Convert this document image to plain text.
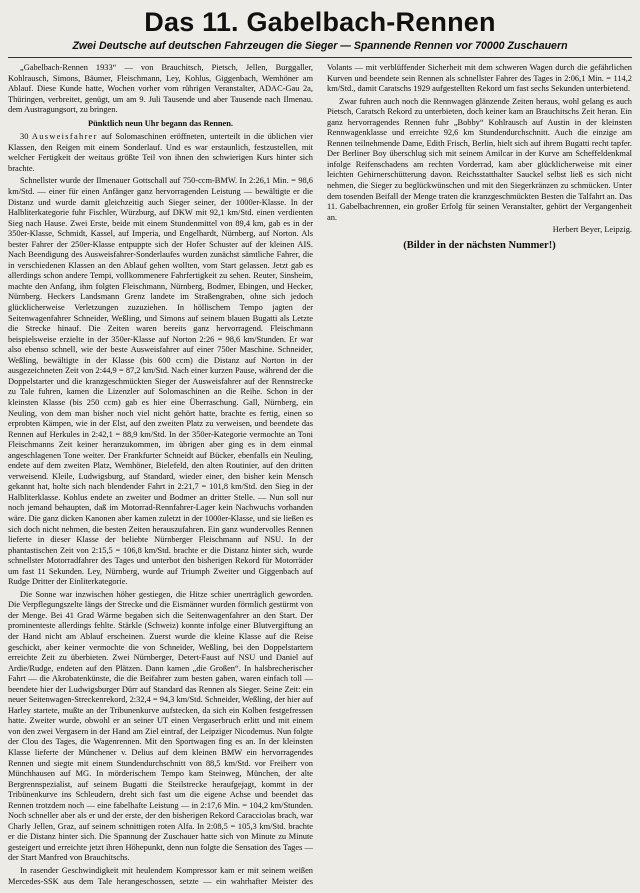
Das 11. Gabelbach-Rennen
Zwei Deutsche auf deutschen Fahrzeugen die Sieger — Spannende Rennen vor 70000 Zuschauern

„Gabelbach-Rennen 1933“ — von Brauchitsch, Pietsch, Jellen, Burggaller, Kohlrausch, Simons, Bäumer, Fleischmann, Ley, Kohlus, Giggenbach, Wemhöner am Ablauf. Diese Kunde hatte, Wochen vorher vom rührigen Veranstalter, ADAC-Gau 2a, Thüringen, verbreitet, genügt, um am 9. Juli Tausende und aber Tausende nach Ilmenau. dem Austragungsort, zu bringen.

Pünktlich neun Uhr begann das Rennen.

30 Ausweisfahrer auf Solomaschinen eröffneten, unterteilt in die üblichen vier Klassen, den Reigen mit einem Sonderlauf. Und es war erstaunlich, festzustellen, mit welcher Fertigkeit der weitaus größte Teil von ihnen den schwierigen Kurs hinter sich brachte.

Schnellster wurde der Ilmenauer Gottschall auf 750-ccm-BMW. In 2:26,1 Min. = 98,6 km/Std. — einer für einen Anfänger ganz hervorragenden Leistung — bewältigte er die Distanz und wurde damit gleichzeitig auch Sieger seiner, der 1000er-Klasse. In der Halbliterkategorie fuhr Fischler, Würzburg, auf DKW mit 92,1 km/Std. einen verdienten Sieg nach Hause. Zwei Erste, beide mit einem Stundenmittel von 89,4 km, gab es in der 350er-Klasse, Schmidt, Kassel, auf Imperia, und Engelhardt, Nürnberg, auf Norton. Als bester Fahrer der 250er-Klasse entpuppte sich der Hofer Schuster auf der kleinen AIS. Nach Beendigung des Ausweisfahrer-Sonderlaufes wurden zunächst sämtliche Fahrer, die in verschiedenen Klassen an den Ablauf gehen wollten, vom Start gelassen. Jetzt gab es allerdings schon andere Tempi, vollkommenere Fahrfertigkeit zu sehen. Reuter, Sinsheim, machte den Anfang, ihm folgten Fleischmann, Nürnberg, Bodmer, Ebingen, und Hecker, Nürnberg. Heckers Landsmann Grenz landete im Straßengraben, ohne sich jedoch glücklicherweise Verletzungen zuzuziehen. In höllischem Tempo jagten der Seitenwagenfahrer Schneider, Weßling, und Simons auf seinem blauen Bugatti als Letzte die Strecke hinauf. Die Zeiten waren bereits ganz hervorragend. Fleischmann beispielsweise erzielte in der 350er-Klasse auf Norton 2:26 = 98,6 km/Stunden. Er war also ebenso schnell, wie der beste Ausweisfahrer auf einer 750er Maschine. Schneider, Weßling, bewältigte in der Klasse (bis 600 ccm) die Distanz auf Norton in der ausgezeichneten Zeit von 2:44,9 = 87,2 km/Std. Nach einer kurzen Pause, während der die Doppelstarter und die kranzgeschmückten Sieger der Ausweisfahrer auf der Rennstrecke zu Tale fuhren, kamen die Lizenzler auf Solomaschinen an die Reihe. Schon in der kleinsten Klasse (bis 250 ccm) gab es hier eine Überraschung. Gall, Nürnberg, ein Neuling, von dem man bisher noch viel nicht gehört hatte, brachte es fertig, einen so erprobten Kämpen, wie in der Elst, auf den zweiten Platz zu verweisen, und beendete das Rennen auf Herkules in 2:42,1 = 88,9 km/Std. In der 350er-Kategorie vermochte an Toni Fleischmanns Zeit keiner heranzukommen, im übrigen aber ging es in dem einmal angeschlagenen Tone weiter. Der Frankfurter Schneidt auf Bücker, ebenfalls ein Neuling, endete auf dem zweiten Platz, Wemhöner, Bielefeld, den alten Routinier, auf den dritten verweisend. Kleile, Ludwigsburg, auf Standard, wieder einer, den bisher kein Mensch gekannt hat, holte sich nach blendender Fahrt in 2:21,7 = 101,8 km/Std. den Sieg in der Halbliterklasse. Kohlus endete an zweiter und Bodmer an dritter Stelle. — Nun soll nur noch jemand behaupten, daß im Motorrad-Rennfahrer-Lager kein Nachwuchs vorhanden wäre. Die ganz dicken Kanonen aber kamen zuletzt in der 1000er-Klasse, und sie ließen es sich doch nicht nehmen, die besten Zeiten herauszufahren. Ein ganz wundervolles Rennen lieferte in dieser Klasse der beliebte Nürnberger Fleischmann auf NSU. In der phantastischen Zeit von 2:15,5 = 106,8 km/Std. brachte er die Distanz hinter sich, wurde schnellster Motorradfahrer des Tages und unterbot den bisherigen Rekord für Motorräder um fast 11 Sekunden. Ley, Nürnberg, wurde auf Triumph Zweiter und Giggenbach auf Rudge Dritter der Einliterkategorie.

Die Sonne war inzwischen höher gestiegen, die Hitze schier unerträglich geworden. Die Verpflegungszelte längs der Strecke und die Eismänner wurden förmlich gestürmt von der Menge. Bei 41 Grad Wärme begaben sich die Seitenwagenfahrer an den Start. Der prominenteste allerdings fehlte. Stärkle (Schweiz) konnte infolge einer Blutvergiftung an der Hand nicht am Ablauf erscheinen. Zuerst wurde die kleine Klasse auf die Reise geschickt, aber keiner vermochte die von Schneider, Weßling, bei den Doppelstartern erreichte Zeit zu überbieten. Zwei Nürnberger, Detert-Faust auf NSU und Daniel auf Ardie/Rudge, endeten auf den Plätzen. Dann kamen „die Großen“. In halsbrecherischer Fahrt — die Akrobatenkünste, die die Beifahrer zum besten gaben, waren einfach toll — beendete hier der Ludwigsburger Dürr auf Standard das Rennen als Sieger. Seine Zeit: ein neuer Seitenwagen-Streckenrekord, 2:32,4 = 94,3 km/Std. Schneider, Weßling, der hier auf Harley startete, mußte an der Tribunenkurve aufstecken, da sich ein Kolben festgefressen hatte. Zweiter wurde, obwohl er an seiner UT einen Vergaserbruch erlitt und mit einem von den zwei Vergasern in der Hand am Ziel eintraf, der Leipziger Nicodemus. Nun folgte der Clou des Tages, die Wagenrennen. Mit den Sportwagen fing es an. In der kleinsten Klasse lieferte der Münchener v. Delius auf dem kleinen BMW ein hervorragendes Rennen und siegte mit einem Stundendurchschnitt von 88,5 km/Std. vor Freiherr von Münchhausen auf MG. In mörderischem Tempo kam Steinweg, München, der alte Bergrennspezialist, auf seinem Bugatti die Steilstrecke heraufgejagt, kommt in der Tribünenkurve ins Schleudern, dreht sich fast um die eigene Achse und beendet das Rennen trotzdem noch — eine fabelhafte Leistung — in 2:17,6 Min. = 104,2 km/Stunden. Noch schneller aber als er und der erste, der den bisherigen Rekord Caracciolas brach, war Charly Jellen, Graz, auf seinem schnittigen roten Alfa. In 2:08,5 = 105,3 km/Std. brachte er die Distanz hinter sich. Die Spannung der Zuschauer hatte sich von Minute zu Minute gesteigert und erreichte jetzt ihren Höhepunkt, denn nun folgte die Sensation des Tages — der Start Manfred von Brauchitschs.

In rasender Geschwindigkeit mit heulendem Kompressor kam er mit seinem weißen Mercedes-SSK aus dem Tale herangeschossen, setzte — ein wahrhafter Meister des Volants — mit verblüffender Sicherheit mit dem schweren Wagen durch die gefährlichen Kurven und beendete sein Rennen als schnellster Fahrer des Tages in 2:06,1 Min. = 114,2 km/Std., damit Caratschs 1929 aufgestellten Rekord um fast sechs Sekunden unterbietend.

Zwar fuhren auch noch die Rennwagen glänzende Zeiten heraus, wohl gelang es auch Pietsch, Caratsch Rekord zu unterbieten, doch keiner kam an Brauchitschs Zeit heran. Ein ganz hervorragendes Rennen fuhr „Bobby“ Kohlrausch auf Austin in der kleinsten Rennwagenklasse und erreichte 92,6 km Stundendurchschnitt. Auch die einzige am Rennen teilnehmende Dame, Edith Frisch, Berlin, hielt sich auf ihrem Bugatti recht tapfer. Der Berliner Boy überschlug sich mit seinem Amilcar in der Kurve am Scheffeldenkmal infolge Reifenschadens am rechten Vorderrad, kam aber glücklicherweise mit einer leichten Gehirnerschütterung davon. Reichsstatthalter Sauckel selbst ließ es sich nicht nehmen, die Sieger zu beglückwünschen und mit den Siegerkränzen zu schmücken. Unter dem tosenden Beifall der Menge traten die kranzgeschmückten Besten die Talfahrt an. Das 11. Gabelbachrennen, ein großer Erfolg für seinen Veranstalter, gehört der Vergangenheit an.

Herbert Beyer, Leipzig.

(Bilder in der nächsten Nummer!)
